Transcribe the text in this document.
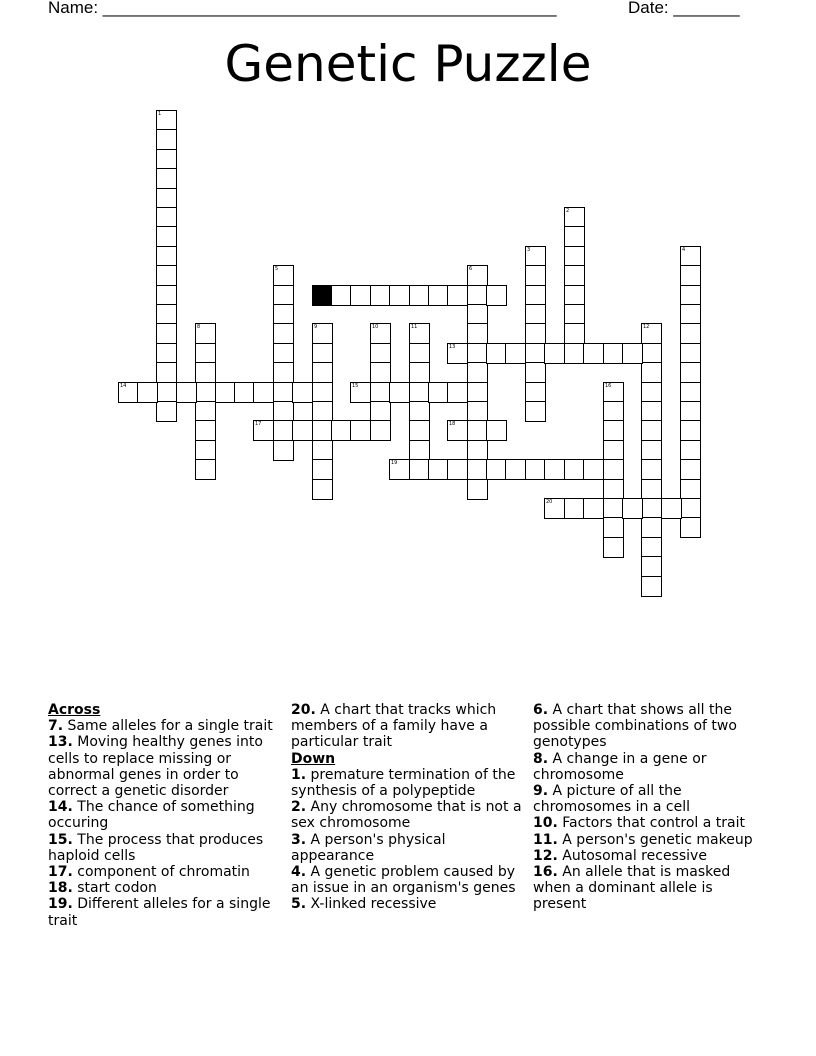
Name: ________________________________________________	Date: _______
Genetic Puzzle
1
2
3	4
5	6
7
8	9	10	11	12
13
14	15	16
17	18
19
20
Across
7. Same alleles for a single trait
13. Moving healthy genes into cells to replace missing or abnormal genes in order to correct a genetic disorder
14. The chance of something occuring
15. The process that produces haploid cells
17. component of chromatin
18. start codon
19. Different alleles for a single trait
20. A chart that tracks which members of a family have a particular trait
Down
1. premature termination of the synthesis of a polypeptide
2. Any chromosome that is not a sex chromosome
3. A person's physical appearance
4. A genetic problem caused by an issue in an organism's genes
5. X-linked recessive
6. A chart that shows all the possible combinations of two genotypes
8. A change in a gene or chromosome
9. A picture of all the chromosomes in a cell
10. Factors that control a trait
11. A person's genetic makeup
12. Autosomal recessive
16. An allele that is masked when a dominant allele is present
